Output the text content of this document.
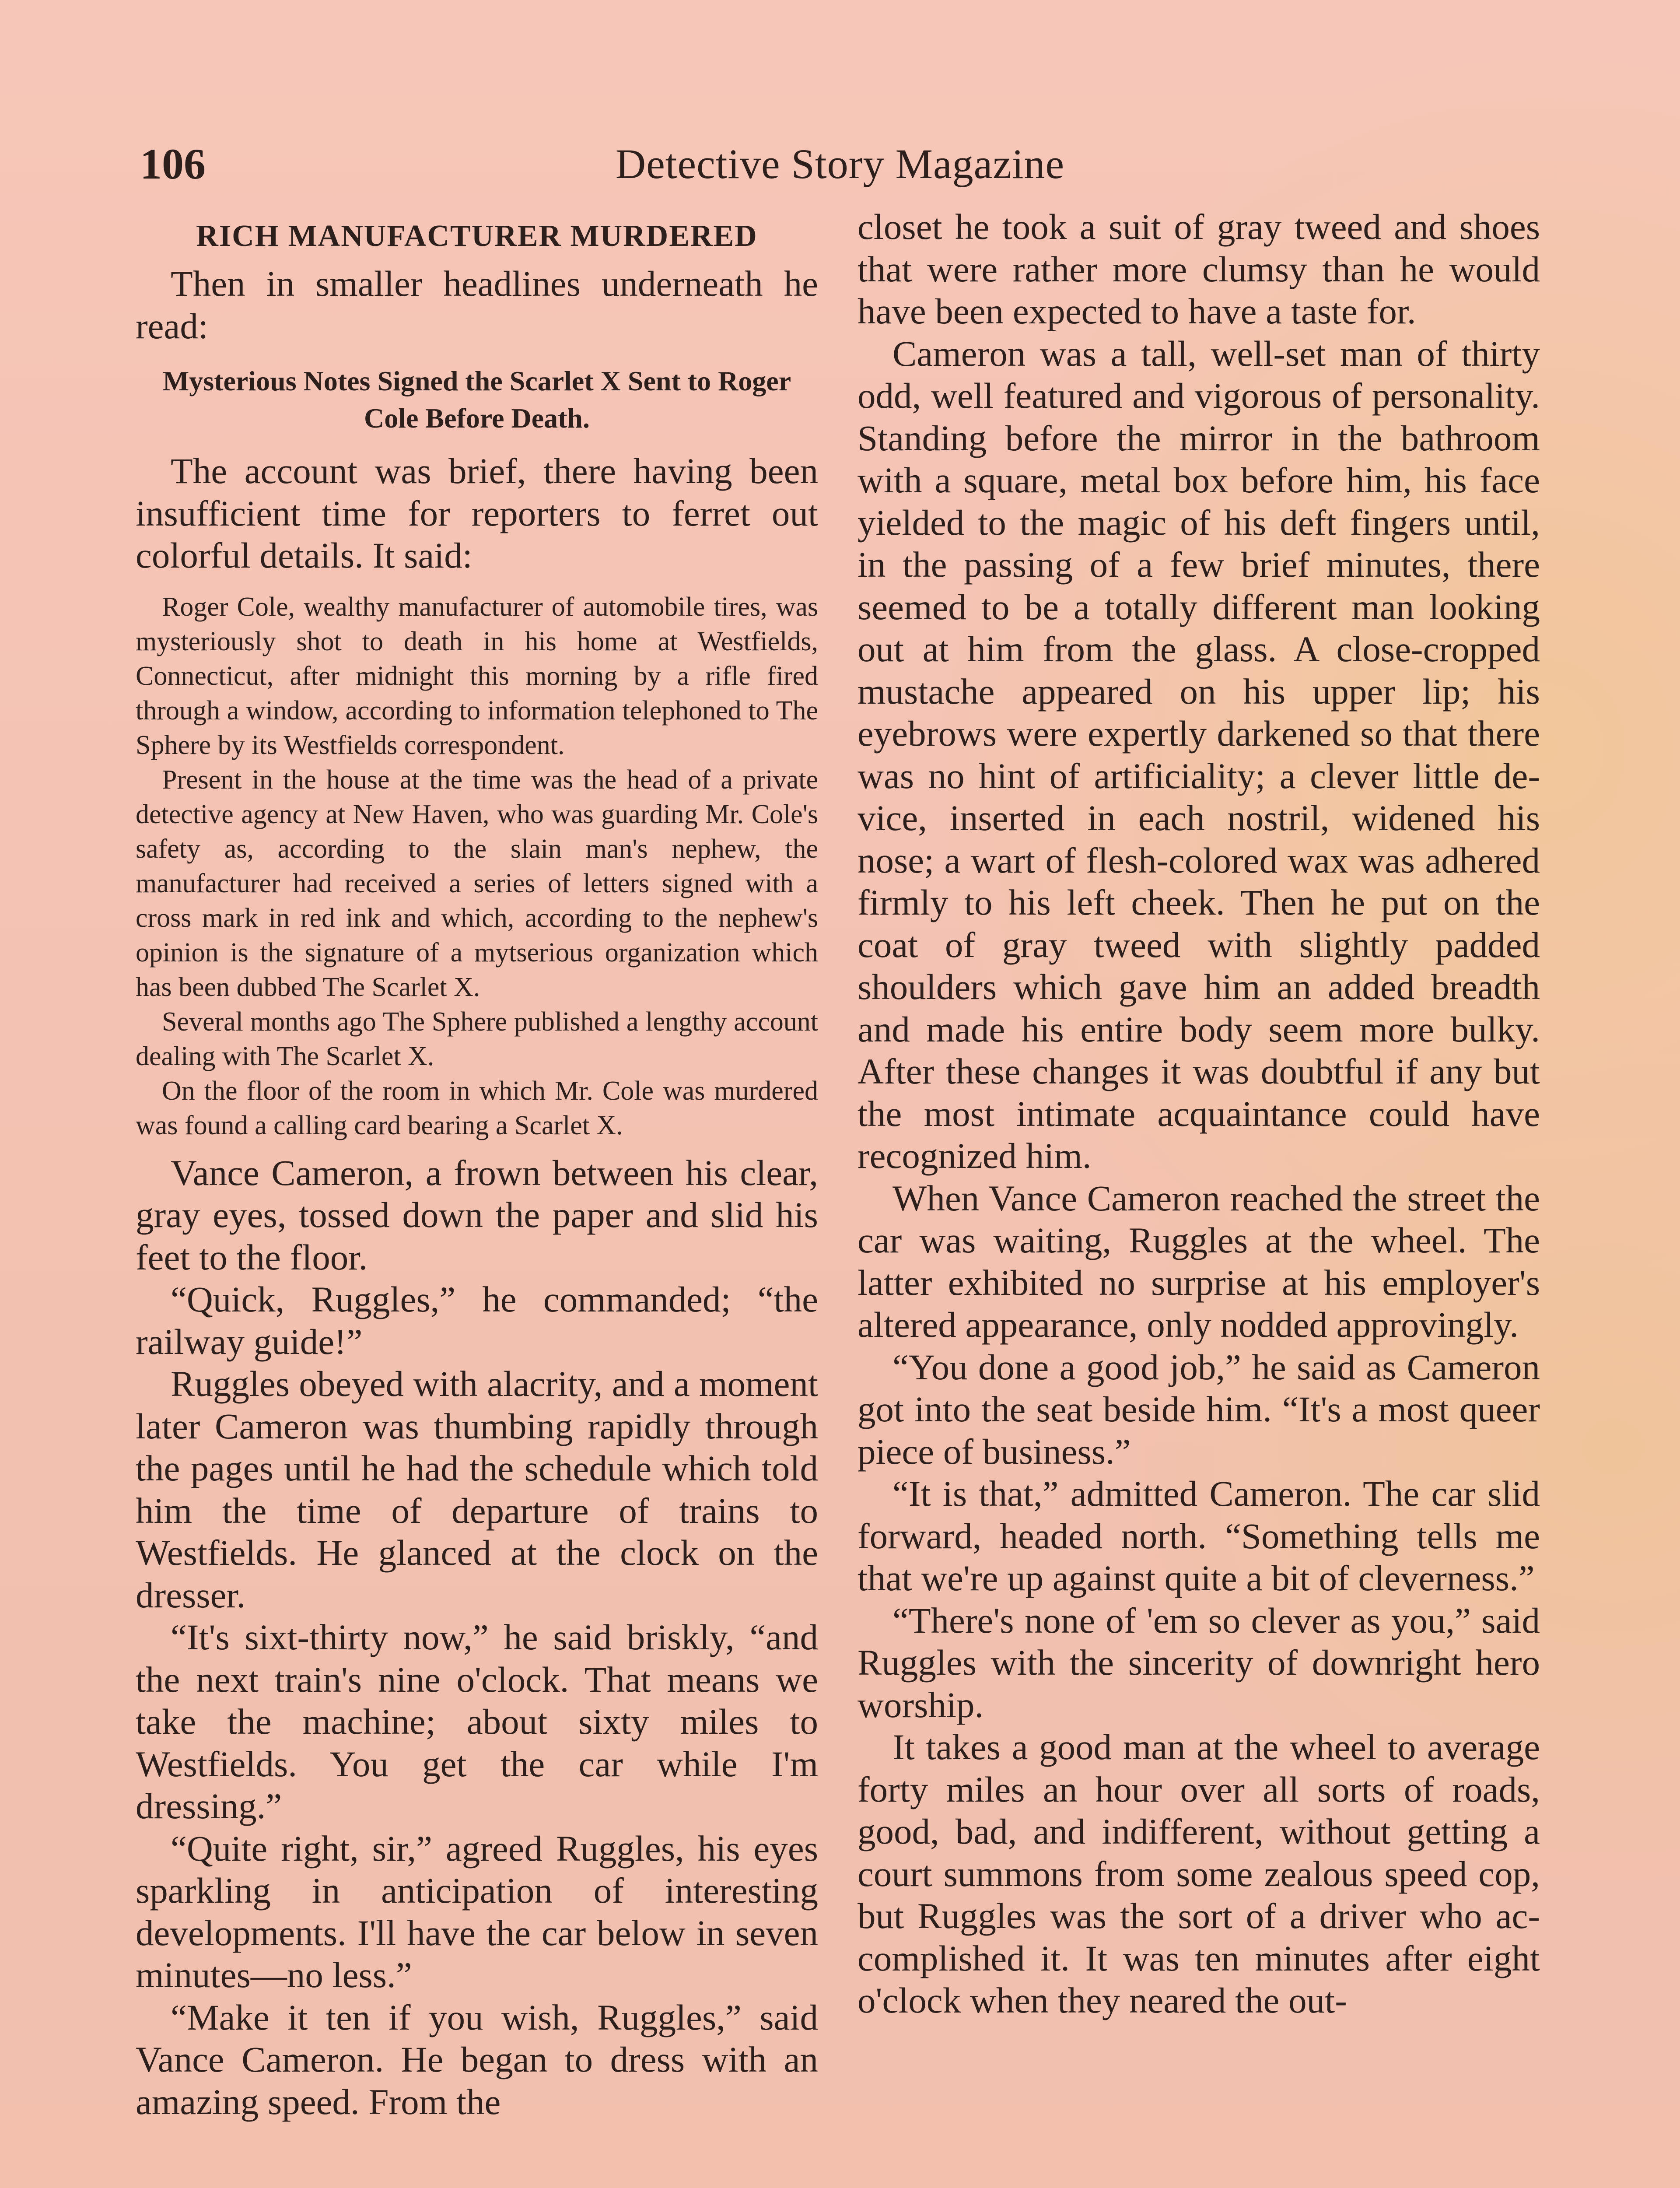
106	Detective Story Magazine

RICH MANUFACTURER MURDERED

Then in smaller headlines underneath he read:

Mysterious Notes Signed the Scarlet X Sent to Roger Cole Before Death.

The account was brief, there having been insufficient time for reporters to ferret out colorful details. It said:

Roger Cole, wealthy manufacturer of automobile tires, was mysteriously shot to death in his home at Westfields, Connecticut, after midnight this morning by a rifle fired through a window, according to information telephoned to The Sphere by its Westfields correspondent.

Present in the house at the time was the head of a private detective agency at New Haven, who was guarding Mr. Cole's safety as, according to the slain man's nephew, the manufacturer had received a series of letters signed with a cross mark in red ink and which, according to the nephew's opinion is the signature of a mytserious organization which has been dubbed The Scarlet X.

Several months ago The Sphere published a lengthy account dealing with The Scarlet X.

On the floor of the room in which Mr. Cole was murdered was found a calling card bearing a Scarlet X.

Vance Cameron, a frown between his clear, gray eyes, tossed down the paper and slid his feet to the floor.

“Quick, Ruggles,” he commanded; “the railway guide!”

Ruggles obeyed with alacrity, and a moment later Cameron was thumbing rapidly through the pages until he had the schedule which told him the time of departure of trains to Westfields. He glanced at the clock on the dresser.

“It's sixt-thirty now,” he said briskly, “and the next train's nine o'clock. That means we take the machine; about sixty miles to Westfields. You get the car while I'm dressing.”

“Quite right, sir,” agreed Ruggles, his eyes sparkling in anticipation of interesting developments. I'll have the car below in seven minutes—no less.”

“Make it ten if you wish, Ruggles,” said Vance Cameron. He began to dress with an amazing speed. From the

closet he took a suit of gray tweed and shoes that were rather more clumsy than he would have been expected to have a taste for.

Cameron was a tall, well-set man of thirty odd, well featured and vigorous of personality. Standing before the mirror in the bathroom with a square, metal box before him, his face yielded to the magic of his deft fingers until, in the passing of a few brief minutes, there seemed to be a totally different man looking out at him from the glass. A close-cropped mustache appeared on his upper lip; his eyebrows were expertly darkened so that there was no hint of artificiality; a clever little device, inserted in each nostril, widened his nose; a wart of flesh-colored wax was adhered firmly to his left cheek. Then he put on the coat of gray tweed with slightly padded shoulders which gave him an added breadth and made his entire body seem more bulky. After these changes it was doubtful if any but the most intimate acquaintance could have recognized him.

When Vance Cameron reached the street the car was waiting, Ruggles at the wheel. The latter exhibited no surprise at his employer's altered appearance, only nodded approvingly.

“You done a good job,” he said as Cameron got into the seat beside him. “It's a most queer piece of business.”

“It is that,” admitted Cameron. The car slid forward, headed north. “Something tells me that we're up against quite a bit of cleverness.”

“There's none of 'em so clever as you,” said Ruggles with the sincerity of downright hero worship.

It takes a good man at the wheel to average forty miles an hour over all sorts of roads, good, bad, and indifferent, without getting a court summons from some zealous speed cop, but Ruggles was the sort of a driver who accomplished it. It was ten minutes after eight o'clock when they neared the out-
